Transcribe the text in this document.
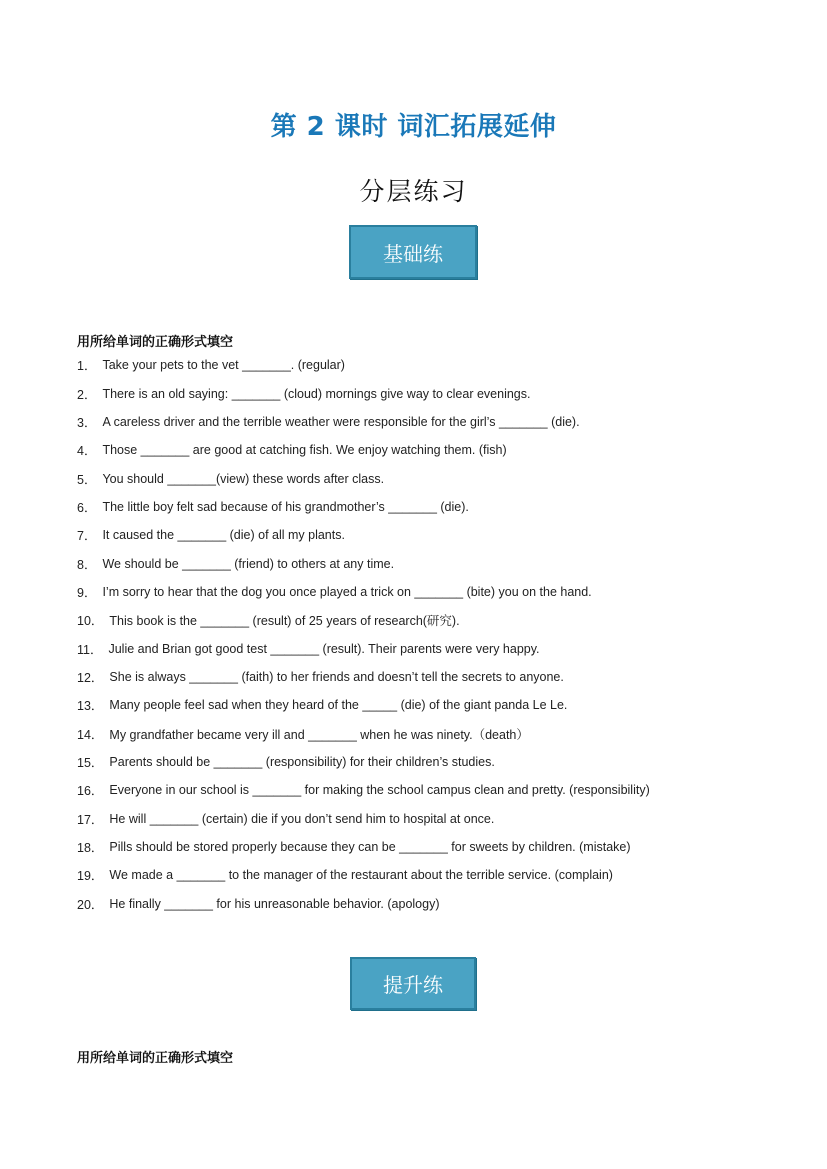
第 2 课时 词汇拓展延伸
分层练习
基础练
用所给单词的正确形式填空
1． Take your pets to the vet _______. (regular)
2． There is an old saying: _______ (cloud) mornings give way to clear evenings.
3． A careless driver and the terrible weather were responsible for the girl’s _______ (die).
4． Those _______ are good at catching fish. We enjoy watching them. (fish)
5． You should _______(view) these words after class.
6． The little boy felt sad because of his grandmother’s _______ (die).
7． It caused the _______ (die) of all my plants.
8． We should be _______ (friend) to others at any time.
9． I’m sorry to hear that the dog you once played a trick on _______ (bite) you on the hand.
10． This book is the _______ (result) of 25 years of research(研究).
11． Julie and Brian got good test _______ (result). Their parents were very happy.
12． She is always _______ (faith) to her friends and doesn’t tell the secrets to anyone.
13． Many people feel sad when they heard of the _____ (die) of the giant panda Le Le.
14． My grandfather became very ill and _______ when he was ninety.（death）
15． Parents should be _______ (responsibility) for their children’s studies.
16． Everyone in our school is _______ for making the school campus clean and pretty. (responsibility)
17． He will _______ (certain) die if you don’t send him to hospital at once.
18． Pills should be stored properly because they can be _______ for sweets by children. (mistake)
19． We made a _______ to the manager of the restaurant about the terrible service. (complain)
20． He finally _______ for his unreasonable behavior. (apology)
提升练
用所给单词的正确形式填空
